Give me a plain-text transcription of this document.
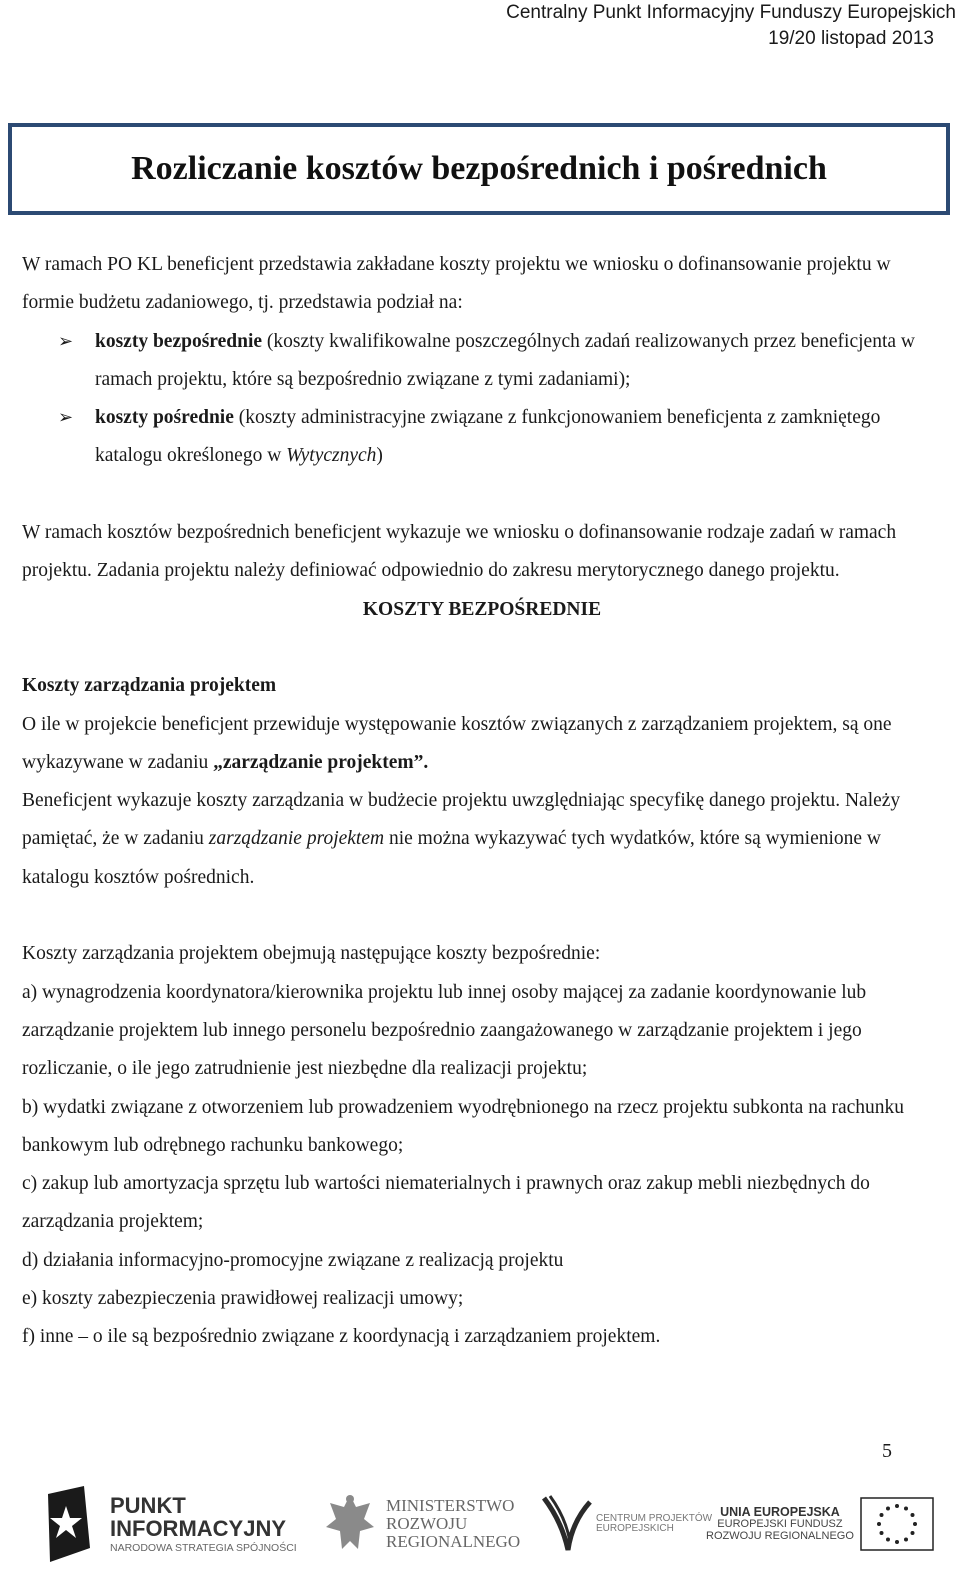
Centralny Punkt Informacyjny Funduszy Europejskich
19/20 listopad 2013
Rozliczanie kosztów bezpośrednich i pośrednich

W ramach PO KL beneficjent przedstawia zakładane koszty projektu we wniosku o dofinansowanie projektu w formie budżetu zadaniowego, tj. przedstawia podział na:

➢ koszty bezpośrednie (koszty kwalifikowalne poszczególnych zadań realizowanych przez beneficjenta w ramach projektu, które są bezpośrednio związane z tymi zadaniami);
➢ koszty pośrednie (koszty administracyjne związane z funkcjonowaniem beneficjenta z zamkniętego katalogu określonego w Wytycznych)

W ramach kosztów bezpośrednich beneficjent wykazuje we wniosku o dofinansowanie rodzaje zadań w ramach projektu. Zadania projektu należy definiować odpowiednio do zakresu merytorycznego danego projektu.

KOSZTY BEZPOŚREDNIE

Koszty zarządzania projektem

O ile w projekcie beneficjent przewiduje występowanie kosztów związanych z zarządzaniem projektem, są one wykazywane w zadaniu „zarządzanie projektem”.

Beneficjent wykazuje koszty zarządzania w budżecie projektu uwzględniając specyfikę danego projektu. Należy pamiętać, że w zadaniu zarządzanie projektem nie można wykazywać tych wydatków, które są wymienione w katalogu kosztów pośrednich.

Koszty zarządzania projektem obejmują następujące koszty bezpośrednie:

a) wynagrodzenia koordynatora/kierownika projektu lub innej osoby mającej za zadanie koordynowanie lub zarządzanie projektem lub innego personelu bezpośrednio zaangażowanego w zarządzanie projektem i jego rozliczanie, o ile jego zatrudnienie jest niezbędne dla realizacji projektu;

b) wydatki związane z otworzeniem lub prowadzeniem wyodrębnionego na rzecz projektu subkonta na rachunku bankowym lub odrębnego rachunku bankowego;

c) zakup lub amortyzacja sprzętu lub wartości niematerialnych i prawnych oraz zakup mebli niezbędnych do zarządzania projektem;

d) działania informacyjno-promocyjne związane z realizacją projektu

e) koszty zabezpieczenia prawidłowej realizacji umowy;

f) inne – o ile są bezpośrednio związane z koordynacją i zarządzaniem projektem.

5
PUNKT
INFORMACYJNY
NARODOWA STRATEGIA SPÓJNOŚCI
MINISTERSTWO
ROZWOJU
REGIONALNEGO
CENTRUM PROJEKTÓW
EUROPEJSKICH
UNIA EUROPEJSKA
EUROPEJSKI FUNDUSZ
ROZWOJU REGIONALNEGO
